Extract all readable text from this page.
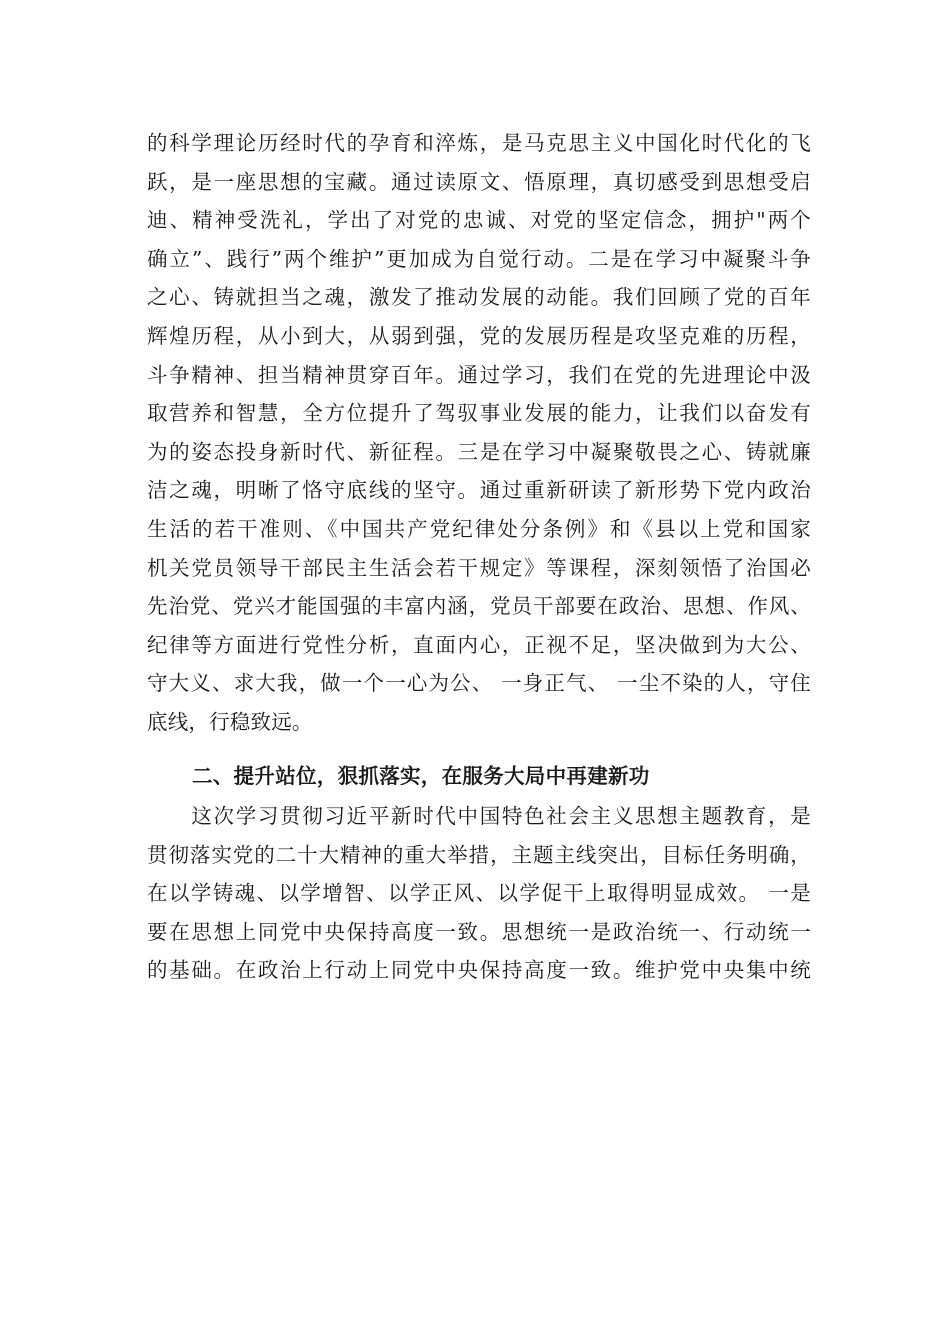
的科学理论历经时代的孕育和淬炼，是马克思主义中国化时代化的飞
跃，是一座思想的宝藏。通过读原文、悟原理，真切感受到思想受启
迪、精神受洗礼，学出了对党的忠诚、对党的坚定信念，拥护"两个
确立”、践行”两个维护”更加成为自觉行动。二是在学习中凝聚斗争
之心、铸就担当之魂，激发了推动发展的动能。我们回顾了党的百年
辉煌历程，从小到大，从弱到强，党的发展历程是攻坚克难的历程，
斗争精神、担当精神贯穿百年。通过学习，我们在党的先进理论中汲
取营养和智慧，全方位提升了驾驭事业发展的能力，让我们以奋发有
为的姿态投身新时代、新征程。三是在学习中凝聚敬畏之心、铸就廉
洁之魂，明晰了恪守底线的坚守。通过重新研读了新形势下党内政治
生活的若干准则、《中国共产党纪律处分条例》和《县以上党和国家
机关党员领导干部民主生活会若干规定》等课程，深刻领悟了治国必
先治党、党兴才能国强的丰富内涵，党员干部要在政治、思想、作风、
纪律等方面进行党性分析，直面内心，正视不足，坚决做到为大公、
守大义、求大我，做一个一心为公、 一身正气、 一尘不染的人，守住
底线，行稳致远。
二、提升站位，狠抓落实，在服务大局中再建新功
　　这次学习贯彻习近平新时代中国特色社会主义思想主题教育，是
贯彻落实党的二十大精神的重大举措，主题主线突出，目标任务明确，
在以学铸魂、以学增智、以学正风、以学促干上取得明显成效。 一是
要在思想上同党中央保持高度一致。思想统一是政治统一、行动统一
的基础。在政治上行动上同党中央保持高度一致。维护党中央集中统
